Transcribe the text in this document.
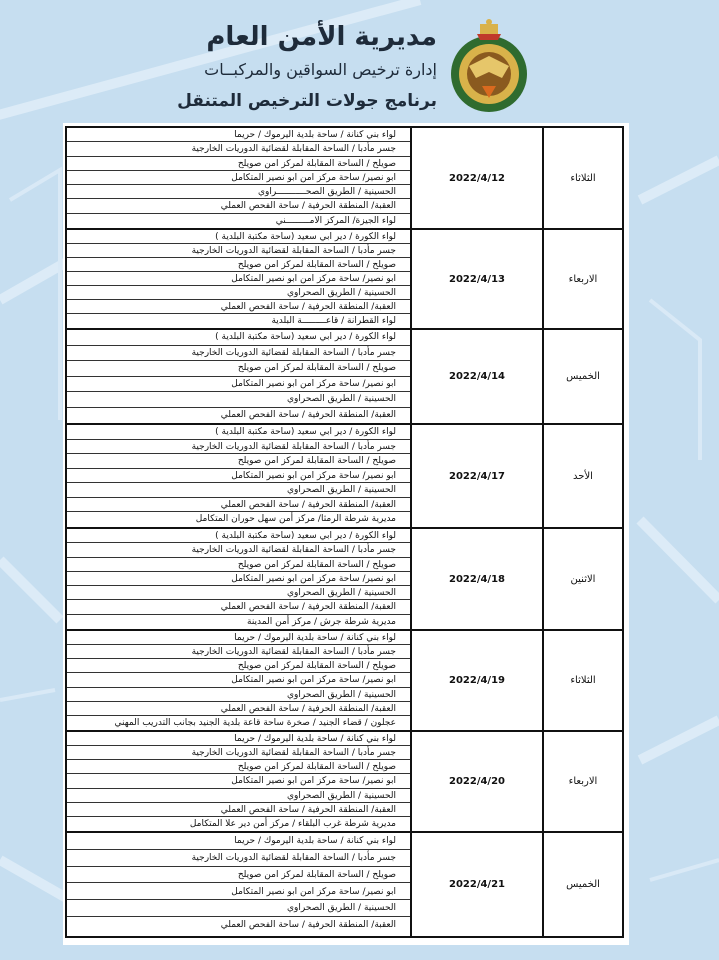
مديرية الأمن العام
إدارة ترخيص السواقين والمركبــات
برنامج جولات الترخيص المتنقل
الثلاثاء
2022/4/12
لواء بني كنانة / ساحة بلدية اليرموك / حريما
جسر مأدبا / الساحة المقابلة لقضائية الدوريات الخارجية
صويلح / الساحة المقابلة لمركز امن صويلح
ابو نصير/ ساحة مركز امن ابو نصير المتكامل
الحسينية / الطريق الصحـــــــــــراوي
العقبة/ المنطقة الحرفية / ساحة الفحص العملي
لواء الجيزة/ المركز الامـــــــــني
الاربعاء
2022/4/13
لواء الكورة / دير ابي سعيد (ساحة مكتبة البلدية )
جسر مأدبا / الساحة المقابلة لقضائية الدوريات الخارجية
صويلح / الساحة المقابلة لمركز امن صويلح
ابو نصير/ ساحة مركز امن ابو نصير المتكامل
الحسينية / الطريق الصحراوي
العقبة/ المنطقة الحرفية / ساحة الفحص العملي
لواء القطرانة / قاعـــــــــة البلدية
الخميس
2022/4/14
لواء الكورة / دير ابي سعيد (ساحة مكتبة البلدية )
جسر مأدبا / الساحة المقابلة لقضائية الدوريات الخارجية
صويلح / الساحة المقابلة لمركز امن صويلح
ابو نصير/ ساحة مركز امن ابو نصير المتكامل
الحسينية / الطريق الصحراوي
العقبة/ المنطقة الحرفية / ساحة الفحص العملي
الأحد
2022/4/17
لواء الكورة / دير ابي سعيد (ساحة مكتبة البلدية )
جسر مأدبا / الساحة المقابلة لقضائية الدوريات الخارجية
صويلح / الساحة المقابلة لمركز امن صويلح
ابو نصير/ ساحة مركز امن ابو نصير المتكامل
الحسينية / الطريق الصحراوي
العقبة/ المنطقة الحرفية / ساحة الفحص العملي
مديرية شرطة الرمثا/ مركز أمن سهل حوران المتكامل
الاثنين
2022/4/18
لواء الكورة / دير ابي سعيد (ساحة مكتبة البلدية )
جسر مأدبا / الساحة المقابلة لقضائية الدوريات الخارجية
صويلح / الساحة المقابلة لمركز امن صويلح
ابو نصير/ ساحة مركز امن ابو نصير المتكامل
الحسينية / الطريق الصحراوي
العقبة/ المنطقة الحرفية / ساحة الفحص العملي
مديرية شرطة جرش / مركز أمن المدينة
الثلاثاء
2022/4/19
لواء بني كنانة / ساحة بلدية اليرموك / حريما
جسر مأدبا / الساحة المقابلة لقضائية الدوريات الخارجية
صويلح / الساحة المقابلة لمركز امن صويلح
ابو نصير/ ساحة مركز امن ابو نصير المتكامل
الحسينية / الطريق الصحراوي
العقبة/ المنطقة الحرفية / ساحة الفحص العملي
عجلون / قضاء الجنيد / صخرة ساحة قاعة بلدية الجنيد بجانب التدريب المهني
الاربعاء
2022/4/20
لواء بني كنانة / ساحة بلدية اليرموك / حريما
جسر مأدبا / الساحة المقابلة لقضائية الدوريات الخارجية
صويلح / الساحة المقابلة لمركز امن صويلح
ابو نصير/ ساحة مركز امن ابو نصير المتكامل
الحسينية / الطريق الصحراوي
العقبة/ المنطقة الحرفية / ساحة الفحص العملي
مديرية شرطة غرب البلقاء / مركز أمن دير علا المتكامل
الخميس
2022/4/21
لواء بني كنانة / ساحة بلدية اليرموك / حريما
جسر مأدبا / الساحة المقابلة لقضائية الدوريات الخارجية
صويلح / الساحة المقابلة لمركز امن صويلح
ابو نصير/ ساحة مركز امن ابو نصير المتكامل
الحسينية / الطريق الصحراوي
العقبة/ المنطقة الحرفية / ساحة الفحص العملي
